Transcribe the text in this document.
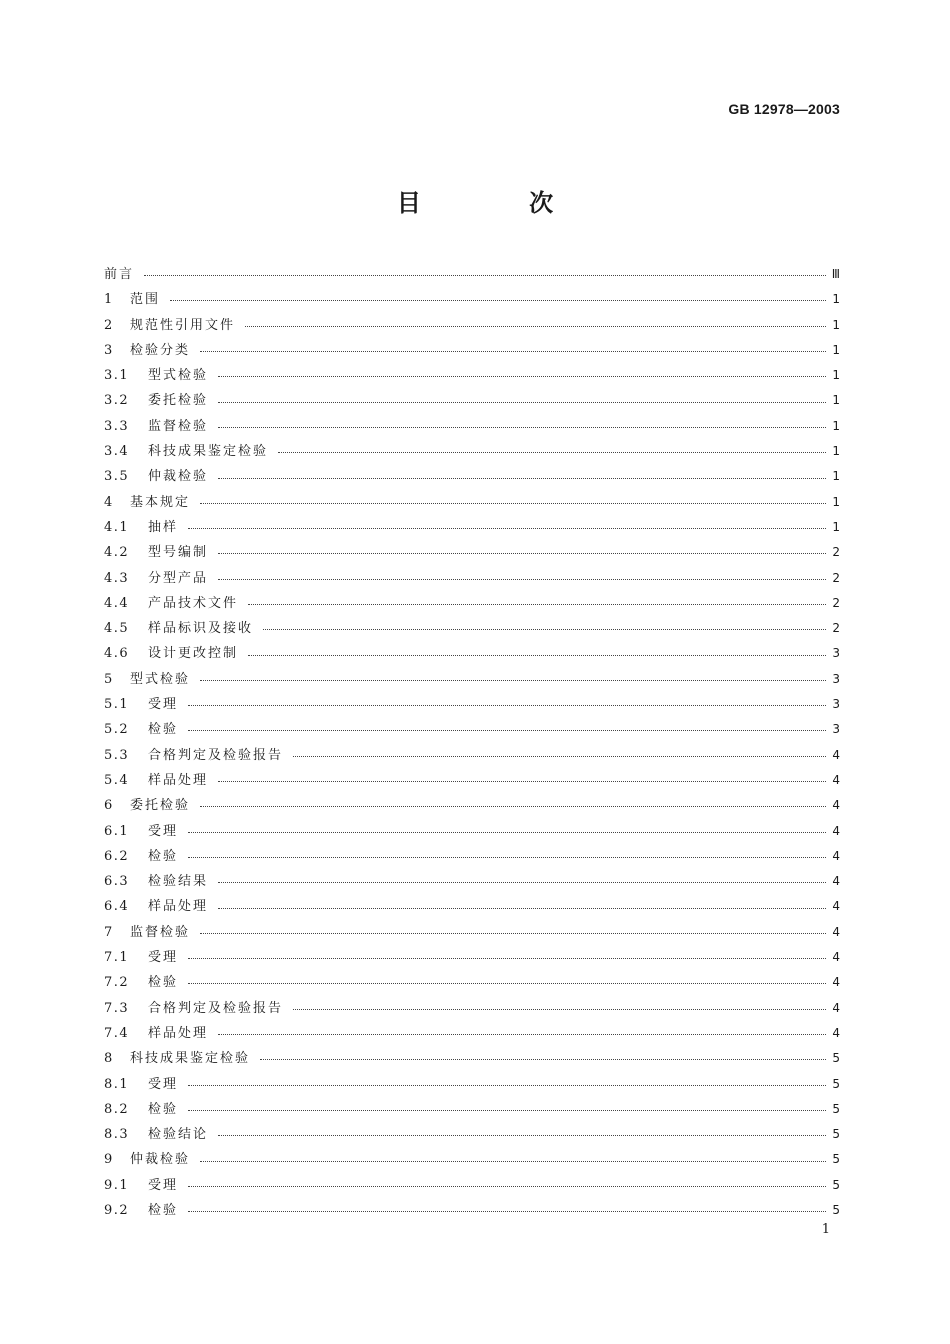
GB 12978—2003
目 次
前言	Ⅲ
1	范围	1
2	规范性引用文件	1
3	检验分类	1
3.1	型式检验	1
3.2	委托检验	1
3.3	监督检验	1
3.4	科技成果鉴定检验	1
3.5	仲裁检验	1
4	基本规定	1
4.1	抽样	1
4.2	型号编制	2
4.3	分型产品	2
4.4	产品技术文件	2
4.5	样品标识及接收	2
4.6	设计更改控制	3
5	型式检验	3
5.1	受理	3
5.2	检验	3
5.3	合格判定及检验报告	4
5.4	样品处理	4
6	委托检验	4
6.1	受理	4
6.2	检验	4
6.3	检验结果	4
6.4	样品处理	4
7	监督检验	4
7.1	受理	4
7.2	检验	4
7.3	合格判定及检验报告	4
7.4	样品处理	4
8	科技成果鉴定检验	5
8.1	受理	5
8.2	检验	5
8.3	检验结论	5
9	仲裁检验	5
9.1	受理	5
9.2	检验	5
1
